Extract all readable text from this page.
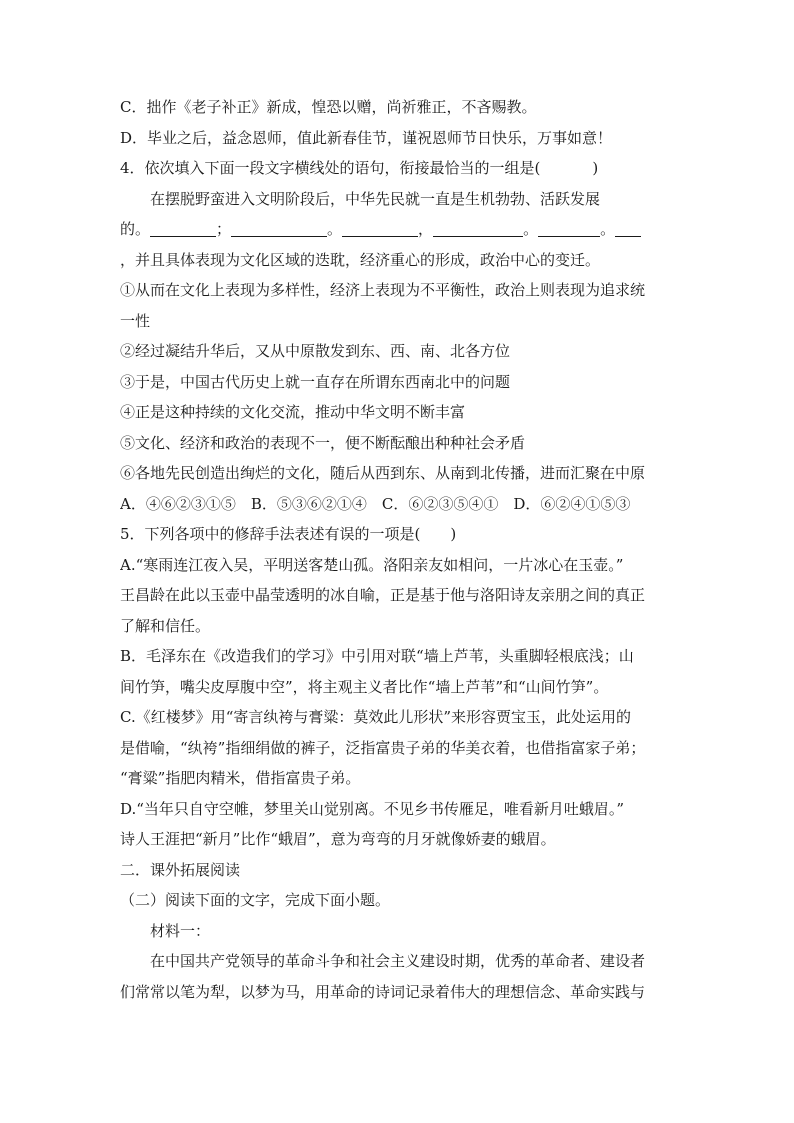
C．拙作《老子补正》新成，惶恐以赠，尚祈雅正，不吝赐教。
D．毕业之后，益念恩师，值此新春佳节，谨祝恩师节日快乐，万事如意！
4．依次填入下面一段文字横线处的语句，衔接最恰当的一组是(	)
在摆脱野蛮进入文明阶段后，中华先民就一直是生机勃勃、活跃发展
的。	；	。	，	。	。
，并且具体表现为文化区域的迭耽，经济重心的形成，政治中心的变迁。
①从而在文化上表现为多样性，经济上表现为不平衡性，政治上则表现为追求统
一性
②经过凝结升华后，又从中原散发到东、西、南、北各方位
③于是，中国古代历史上就一直存在所谓东西南北中的问题
④正是这种持续的文化交流，推动中华文明不断丰富
⑤文化、经济和政治的表现不一，便不断酝酿出种种社会矛盾
⑥各地先民创造出绚烂的文化，随后从西到东、从南到北传播，进而汇聚在中原
A．④⑥②③①⑤　B．⑤③⑥②①④　C．⑥②③⑤④①　D．⑥②④①⑤③
5．下列各项中的修辞手法表述有误的一项是( )
A.“寒雨连江夜入吴，平明送客楚山孤。洛阳亲友如相问，一片冰心在玉壶。”
王昌龄在此以玉壶中晶莹透明的冰自喻，正是基于他与洛阳诗友亲朋之间的真正
了解和信任。
B．毛泽东在《改造我们的学习》中引用对联“墙上芦苇，头重脚轻根底浅；山
间竹笋，嘴尖皮厚腹中空”，将主观主义者比作“墙上芦苇”和“山间竹笋”。
C.《红楼梦》用“寄言纨袴与膏粱：莫效此儿形状”来形容贾宝玉，此处运用的
是借喻，“纨袴”指细绢做的裤子，泛指富贵子弟的华美衣着，也借指富家子弟；
“膏粱”指肥肉精米，借指富贵子弟。
D.“当年只自守空帷，梦里关山觉别离。不见乡书传雁足，唯看新月吐蛾眉。”
诗人王涯把“新月”比作“蛾眉”，意为弯弯的月牙就像娇妻的蛾眉。
二．课外拓展阅读
（二）阅读下面的文字，完成下面小题。
材料一：
在中国共产党领导的革命斗争和社会主义建设时期，优秀的革命者、建设者
们常常以笔为犁，以梦为马，用革命的诗词记录着伟大的理想信念、革命实践与
